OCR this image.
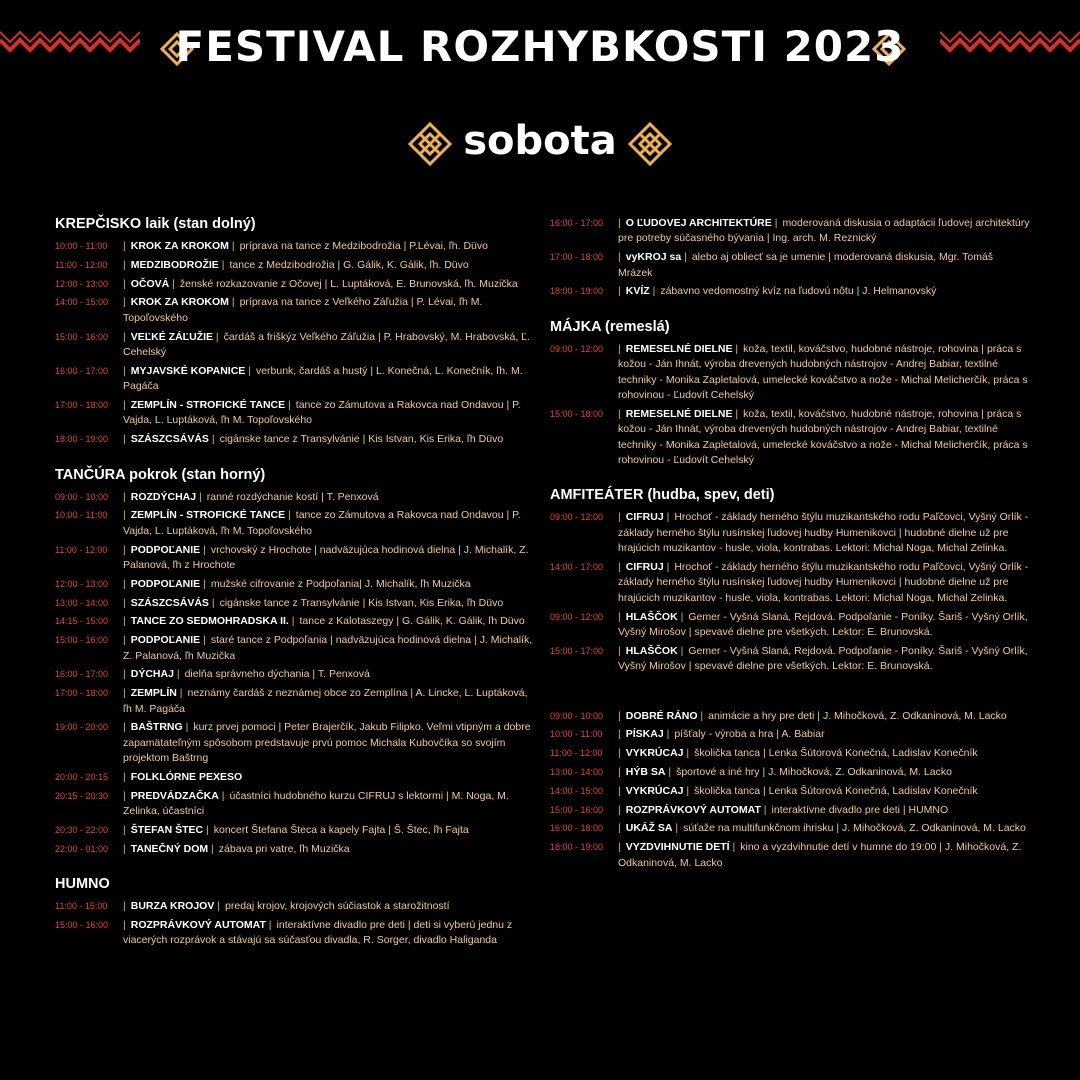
FESTIVAL ROZHYBKOSTI 2023
sobota
KREPČISKO laik (stan dolný)
10:00 - 11:00	| KROK ZA KROKOM | príprava na tance z Medzibodrožia | P.Lévai, ľh. Düvo
11:00 - 12:00	| MEDZIBODROŽIE | tance z Medzibodrožia | G. Gálik, K. Gálik, ľh. Düvo
12:00 - 13:00	| OČOVÁ | ženské rozkazovanie z Očovej | L. Luptáková, E. Brunovská, ľh. Muzička
14:00 - 15:00	| KROK ZA KROKOM | príprava na tance z Veľkého Záľužia | P. Lévai, ľh M. Topoľovského
15:00 - 16:00	| VEĽKÉ ZÁĽUŽIE | čardáš a friškýz Veľkého Záľužia | P. Hrabovský, M. Hrabovská, Ľ. Cehelský
16:00 - 17:00	| MYJAVSKÉ KOPANICE | verbunk, čardáš a hustý | L. Konečná, L. Konečník, ľh. M. Pagáča
17:00 - 18:00	| ZEMPLÍN - STROFICKÉ TANCE | tance zo Zámutova a Rakovca nad Ondavou | P. Vajda, L. Luptáková, ľh M. Topoľovského
18:00 - 19:00	| SZÁSZCSÁVÁS | cigánske tance z Transylvánie | Kis Istvan, Kis Erika, ľh Düvo
TANČÚRA pokrok (stan horný)
09:00 - 10:00	| ROZDÝCHAJ | ranné rozdýchanie kostí | T. Penxová
10:00 - 11:00	| ZEMPLÍN - STROFICKÉ TANCE | tance zo Zámutova a Rakovca nad Ondavou | P. Vajda, L. Luptáková, ľh M. Topoľovského
11:00 - 12:00	| PODPOĽANIE | vrchovský z Hrochote | nadväzujúca hodinová dielna | J. Michalík, Z. Palanová, ľh z Hrochote
12:00 - 13:00	| PODPOĽANIE | mužské cifrovanie z Podpoľania| J. Michalík, ľh Muzička
13:00 - 14:00	| SZÁSZCSÁVÁS | cigánske tance z Transylvánie | Kis Istvan, Kis Erika, ľh Düvo
14:15 - 15:00	| TANCE ZO SEDMOHRADSKA II. | tance z Kalotaszegy | G. Gálik, K. Gálik, ľh Düvo
15:00 - 16:00	| PODPOĽANIE | staré tance z Podpoľania | nadväzujúca hodinová dielna | J. Michalík, Z. Palanová, ľh Muzička
16:00 - 17:00	| DÝCHAJ | dielňa správneho dýchania | T. Penxová
17:00 - 18:00	| ZEMPLÍN | neznámy čardáš z neznámej obce zo Zemplína | A. Lincke, L. Luptáková, ľh M. Pagáča
19:00 - 20:00	| BAŠTRNG | kurz prvej pomoci | Peter Brajerčík, Jakub Filipko. Veľmi vtipným a dobre zapamätateľným spôsobom predstavuje prvú pomoc Michala Kubovčíka so svojím projektom Baštrng
20:00 - 20:15	| FOLKLÓRNE PEXESO
20:15 - 20:30	| PREDVÁDZAČKA | účastníci hudobného kurzu CIFRUJ s lektormi | M. Noga, M. Zelinka, účastníci
20:30 - 22:00	| ŠTEFAN ŠTEC | koncert Štefana Šteca a kapely Fajta | Š. Štec, ľh Fajta
22:00 - 01:00	| TANEČNÝ DOM | zábava pri vatre, ľh Muzička
HUMNO
11:00 - 15:00	| BURZA KROJOV | predaj krojov, krojových súčiastok a starožitností
15:00 - 16:00	| ROZPRÁVKOVÝ AUTOMAT | interaktívne divadlo pre deti | deti si vyberú jednu z viacerých rozprávok a stávajú sa súčasťou divadla, R. Sorger, divadlo Haliganda
16:00 - 17:00	| O ĽUDOVEJ ARCHITEKTÚRE | moderovaná diskusia o adaptácii ľudovej architektúry pre potreby súčasného bývania | Ing. arch. M. Reznický
17:00 - 18:00	| vyKROJ sa | alebo aj oblieсť sa je umenie | moderovaná diskusia, Mgr. Tomáš Mrázek
18:00 - 19:00	| KVÍZ | zábavno vedomostný kvíz na ľudovú nôtu | J. Helmanovský
MÁJKA (remeslá)
09:00 - 12:00	| REMESELNÉ DIELNE | koža, textil, kováčstvo, hudobné nástroje, rohovina | práca s kožou - Ján Ihnát, výroba drevených hudobných nástrojov - Andrej Babiar, textilné techniky - Monika Zapletalová, umelecké kováčstvo a nože - Michal Melicherčík, práca s rohovinou - Ľudovít Cehelský
15:00 - 18:00	| REMESELNÉ DIELNE | koža, textil, kováčstvo, hudobné nástroje, rohovina | práca s kožou - Ján Ihnát, výroba drevených hudobných nástrojov - Andrej Babiar, textilné techniky - Monika Zapletalová, umelecké kováčstvo a nože - Michal Melicherčík, práca s rohovinou - Ľudovít Cehelský
AMFITEÁTER (hudba, spev, deti)
09:00 - 12:00	| CIFRUJ | Hrochoť - základy herného štýlu muzikantského rodu Paľčovci, Vyšný Orlík - základy herného štýlu rusínskej ľudovej hudby Humenikovci | hudobné dielne už pre hrajúcich muzikantov - husle, viola, kontrabas. Lektori: Michal Noga, Michal Zelinka.
14:00 - 17:00	| CIFRUJ | Hrochoť - základy herného štýlu muzikantského rodu Paľčovci, Vyšný Orlík - základy herného štýlu rusínskej ľudovej hudby Humenikovci | hudobné dielne už pre hrajúcich muzikantov - husle, viola, kontrabas. Lektori: Michal Noga, Michal Zelinka.
09:00 - 12:00	| HLAŠČOK | Gemer - Vyšná Slaná, Rejdová. Podpoľanie - Poníky. Šariš - Vyšný Orlík, Vyšný Mirošov | spevavé dielne pre všetkých. Lektor: E. Brunovská.
15:00 - 17:00	| HLAŠČOK | Gemer - Vyšná Slaná, Rejdová. Podpoľanie - Poníky. Šariš - Vyšný Orlík, Vyšný Mirošov | spevavé dielne pre všetkých. Lektor: E. Brunovská.
09:00 - 10:00	| DOBRÉ RÁNO | animácie a hry pre deti | J. Mihočková, Z. Odkaninová, M. Lacko
10:00 - 11:00	| PÍSKAJ | píšťaly - výroba a hra | A. Babiar
11:00 - 12:00	| VYKRÚCAJ | školička tanca | Lenka Šútorová Konečná, Ladislav Konečník
13:00 - 14:00	| HÝB SA | športové a iné hry | J. Mihočková, Z. Odkaninová, M. Lacko
14:00 - 15:00	| VYKRÚCAJ | školička tanca | Lenka Šútorová Konečná, Ladislav Konečník
15:00 - 16:00	| ROZPRÁVKOVÝ AUTOMAT | interaktívne divadlo pre deti | HUMNO
16:00 - 18:00	| UKÁŽ SA | súťaže na multifunkčnom ihrisku | J. Mihočková, Z. Odkaninová, M. Lacko
18:00 - 19:00	| VYZDVIHNUTIE DETÍ | kino a vyzdvihnutie detí v humne do 19:00 | J. Mihočková, Z. Odkaninová, M. Lacko
